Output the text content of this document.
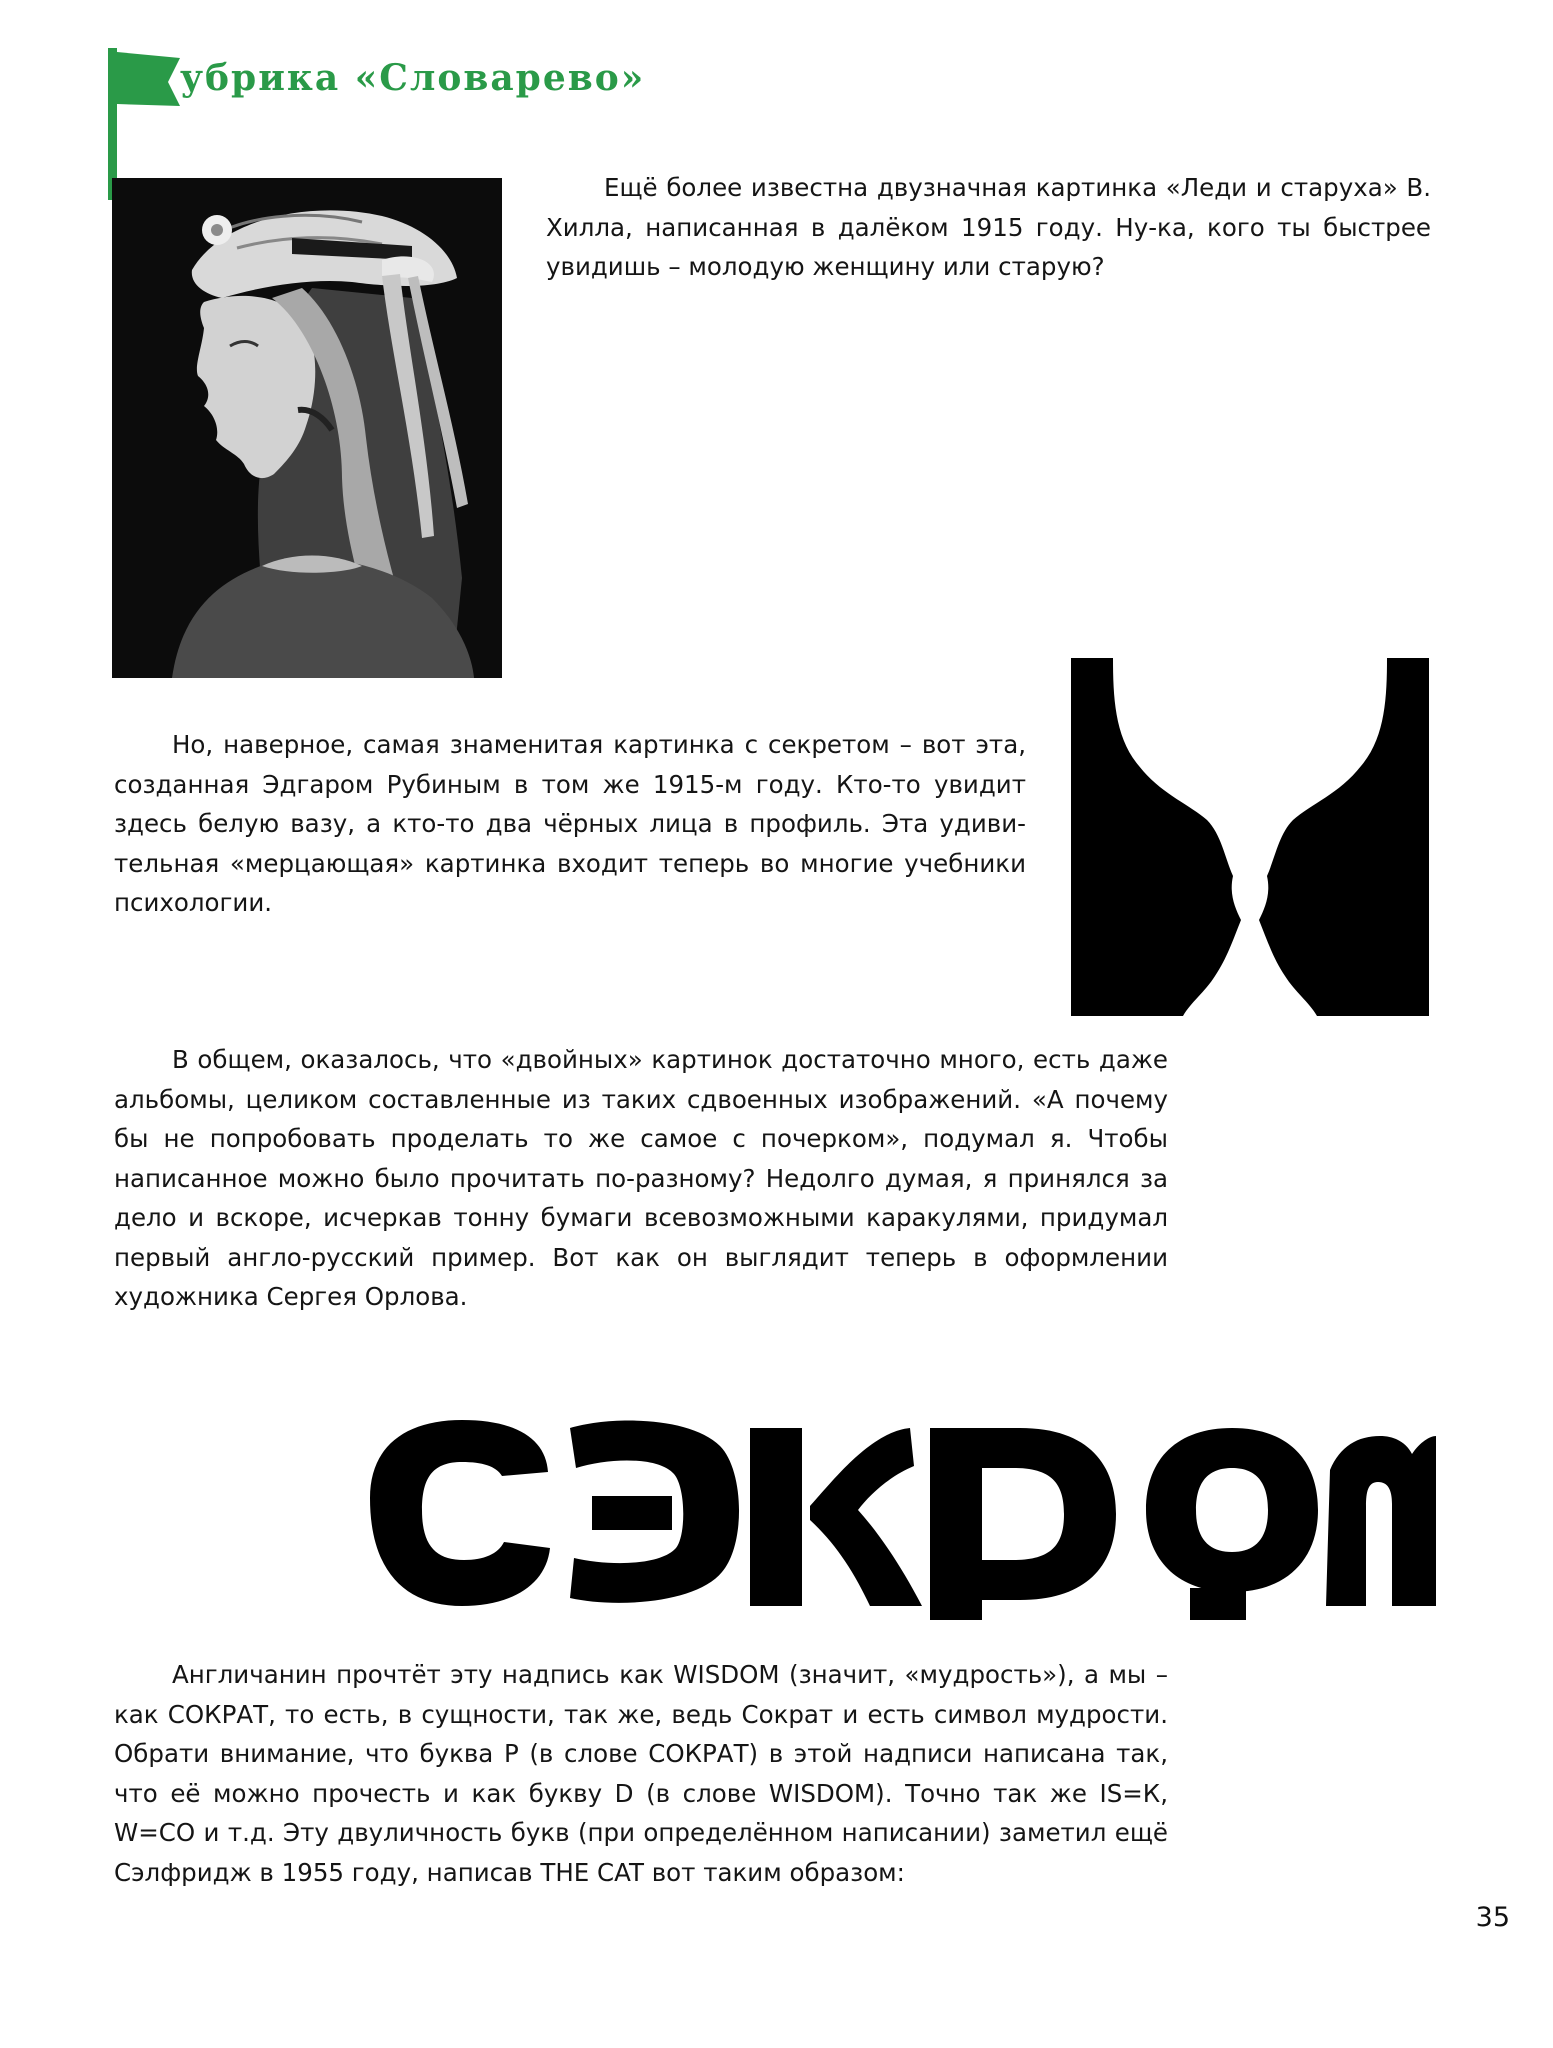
убрика «Словарево»

Ещё более известна двузначная картинка «Леди и старуха» В. Хилла, написанная в далёком 1915 году. Ну-ка, кого ты быстрее увидишь – молодую женщину или старую?

Но, наверное, самая знаменитая картинка с секретом – вот эта, созданная Эдгаром Рубиным в том же 1915-м году. Кто-то увидит здесь белую вазу, а кто-то два чёрных лица в профиль. Эта удивительная «мерцающая» картинка входит теперь во многие учебники психологии.

В общем, оказалось, что «двойных» картинок достаточно много, есть даже альбомы, целиком составленные из таких сдвоенных изображений. «А почему бы не попробовать проделать то же самое с почерком», подумал я. Чтобы написанное можно было прочитать по-разному? Недолго думая, я принялся за дело и вскоре, исчеркав тонну бумаги всевозможными каракулями, придумал первый англо-русский пример. Вот как он выглядит теперь в оформлении художника Сергея Орлова.

Англичанин прочтёт эту надпись как WISDOM (значит, «мудрость»), а мы – как СОКРАТ, то есть, в сущности, так же, ведь Сократ и есть символ мудрости. Обрати внимание, что буква Р (в слове СОКРАТ) в этой надписи написана так, что её можно прочесть и как букву D (в слове WISDOM). Точно так же IS=К, W=СО и т.д. Эту двуличность букв (при определённом написании) заметил ещё Сэлфридж в 1955 году, написав THE CAT вот таким образом:

35
